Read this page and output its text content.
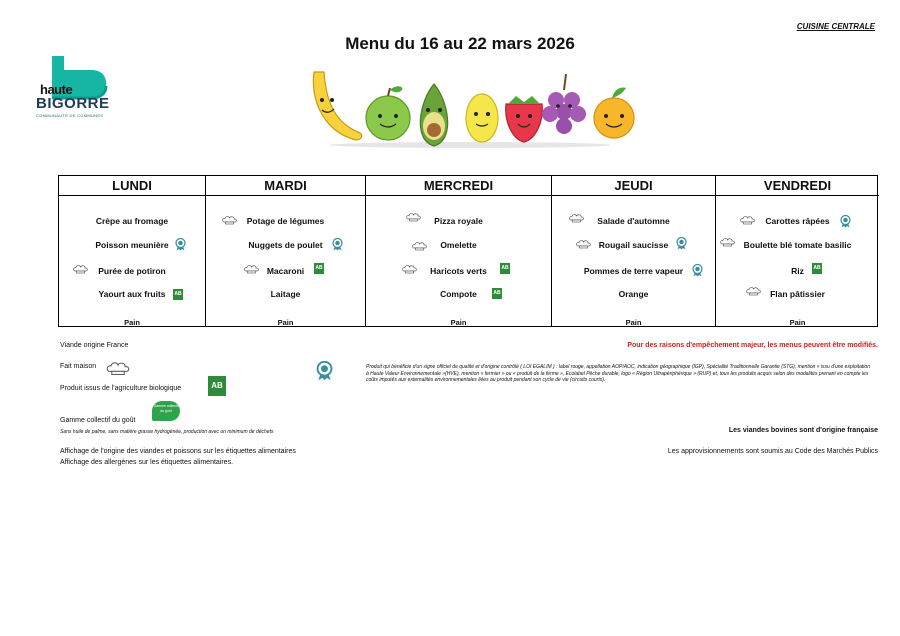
CUISINE CENTRALE
Menu du 16 au 22 mars 2026
haute
BIGORRE
COMMUNAUTÉ DE COMMUNES
LUNDI
Crèpe au fromage
Poisson meunière
Purée de potiron
Yaourt aux fruits	AB
Pain
MARDI
Potage de légumes
Nuggets de poulet
Macaroni	AB
Laitage
Pain
MERCREDI
Pizza royale
Omelette
Haricots verts	AB
Compote	AB
Pain
JEUDI
Salade d'automne
Rougail saucisse
Pommes de terre vapeur
Orange
Pain
VENDREDI
Carottes râpées
Boulette blé tomate basilic
Riz	AB
Flan pâtissier
Pain
Viande origine France
Fait maison
Produit issus de l'agriculture biologique	AB
Gamme collectif du goût
Gamme collectif du goût
Sans huile de palme, sans matière grasse hydrogénée, production avec un minimum de déchets
Affichage de l'origine des viandes et poissons sur les étiquettes alimentaires
Affichage des allergènes sur les étiquettes alimentaires.
Produit qui bénéficie d'un signe officiel de qualité et d'origine contrôlé ( LOI EGALIM ) : label rouge, appellation AOP/AOC, indication géographique (IGP), Spécialité Traditionnelle Garantie (STG), mention « issu d'une exploitation à Haute Valeur Environnementale »(HVE), mention « fermier » ou « produit de la ferme », Ecolabel Pêche durable, logo « Région Ultrapériphérique » (RUP) et, tous les produits acquis selon des modalités prenant en compte les coûts imputés aux externalités environnementales liées au produit pendant son cycle de vie (circuits courts).
Pour des raisons d'empêchement majeur, les menus peuvent être modifiés.
Les viandes bovines sont d'origine française
Les approvisionnements sont soumis au Code des Marchés Publics
